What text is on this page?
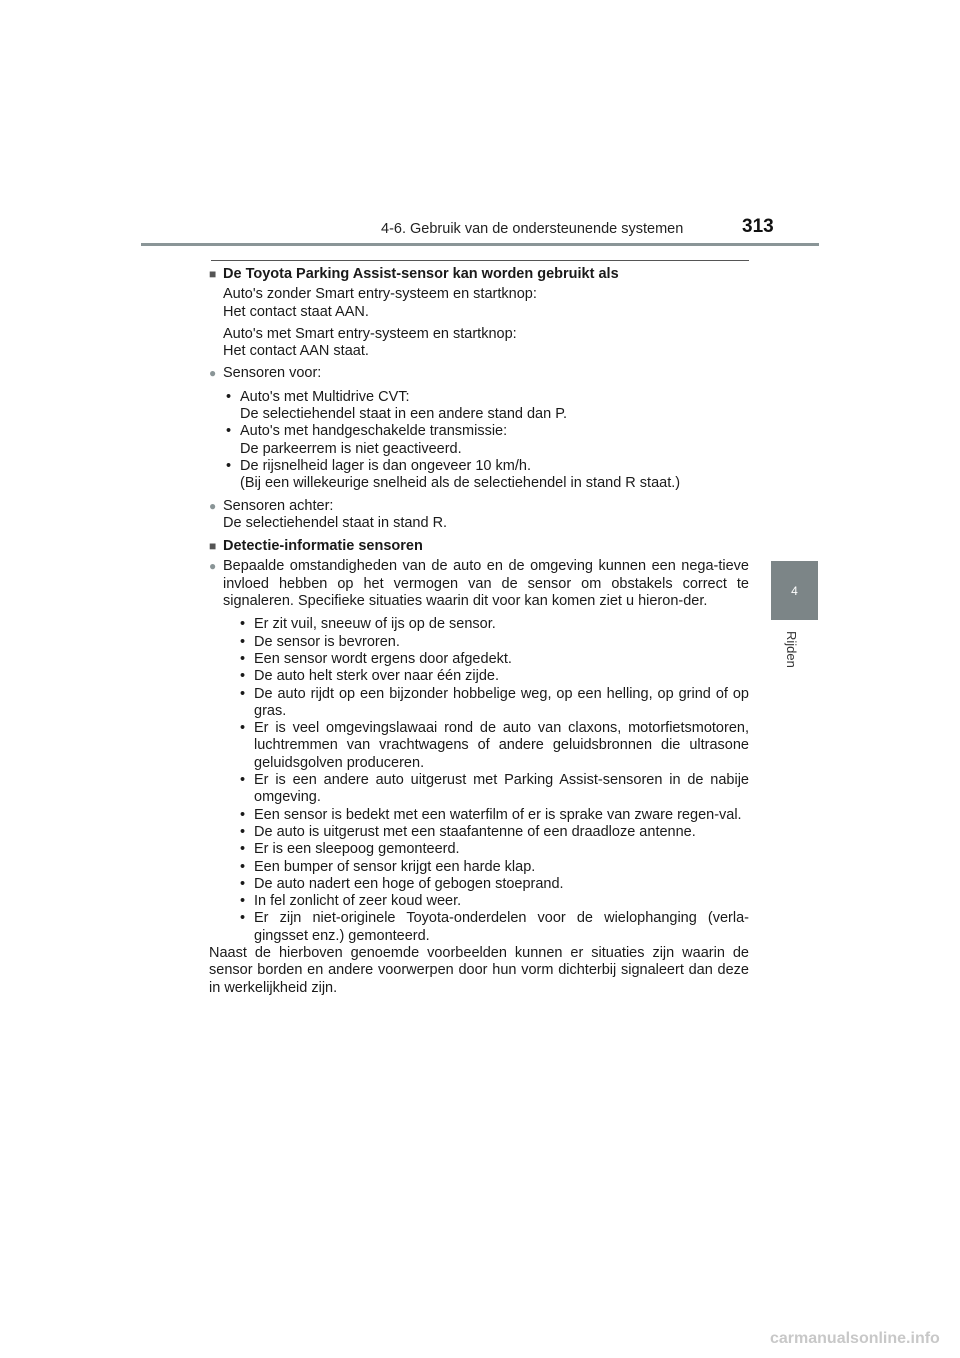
4-6. Gebruik van de ondersteunende systemen	313
4
Rijden
■ De Toyota Parking Assist-sensor kan worden gebruikt als
Auto's zonder Smart entry-systeem en startknop:
Het contact staat AAN.
Auto's met Smart entry-systeem en startknop:
Het contact AAN staat.
● Sensoren voor:
• Auto's met Multidrive CVT:
De selectiehendel staat in een andere stand dan P.
• Auto's met handgeschakelde transmissie:
De parkeerrem is niet geactiveerd.
• De rijsnelheid lager is dan ongeveer 10 km/h.
(Bij een willekeurige snelheid als de selectiehendel in stand R staat.)
● Sensoren achter:
De selectiehendel staat in stand R.
■ Detectie-informatie sensoren
● Bepaalde omstandigheden van de auto en de omgeving kunnen een nega-tieve invloed hebben op het vermogen van de sensor om obstakels correct te signaleren. Specifieke situaties waarin dit voor kan komen ziet u hieron-der.
• Er zit vuil, sneeuw of ijs op de sensor.
• De sensor is bevroren.
• Een sensor wordt ergens door afgedekt.
• De auto helt sterk over naar één zijde.
• De auto rijdt op een bijzonder hobbelige weg, op een helling, op grind of op gras.
• Er is veel omgevingslawaai rond de auto van claxons, motorfietsmotoren, luchtremmen van vrachtwagens of andere geluidsbronnen die ultrasone geluidsgolven produceren.
• Er is een andere auto uitgerust met Parking Assist-sensoren in de nabije omgeving.
• Een sensor is bedekt met een waterfilm of er is sprake van zware regen-val.
• De auto is uitgerust met een staafantenne of een draadloze antenne.
• Er is een sleepoog gemonteerd.
• Een bumper of sensor krijgt een harde klap.
• De auto nadert een hoge of gebogen stoeprand.
• In fel zonlicht of zeer koud weer.
• Er zijn niet-originele Toyota-onderdelen voor de wielophanging (verla-gingsset enz.) gemonteerd.
Naast de hierboven genoemde voorbeelden kunnen er situaties zijn waarin de sensor borden en andere voorwerpen door hun vorm dichterbij signaleert dan deze in werkelijkheid zijn.
carmanualsonline.info
